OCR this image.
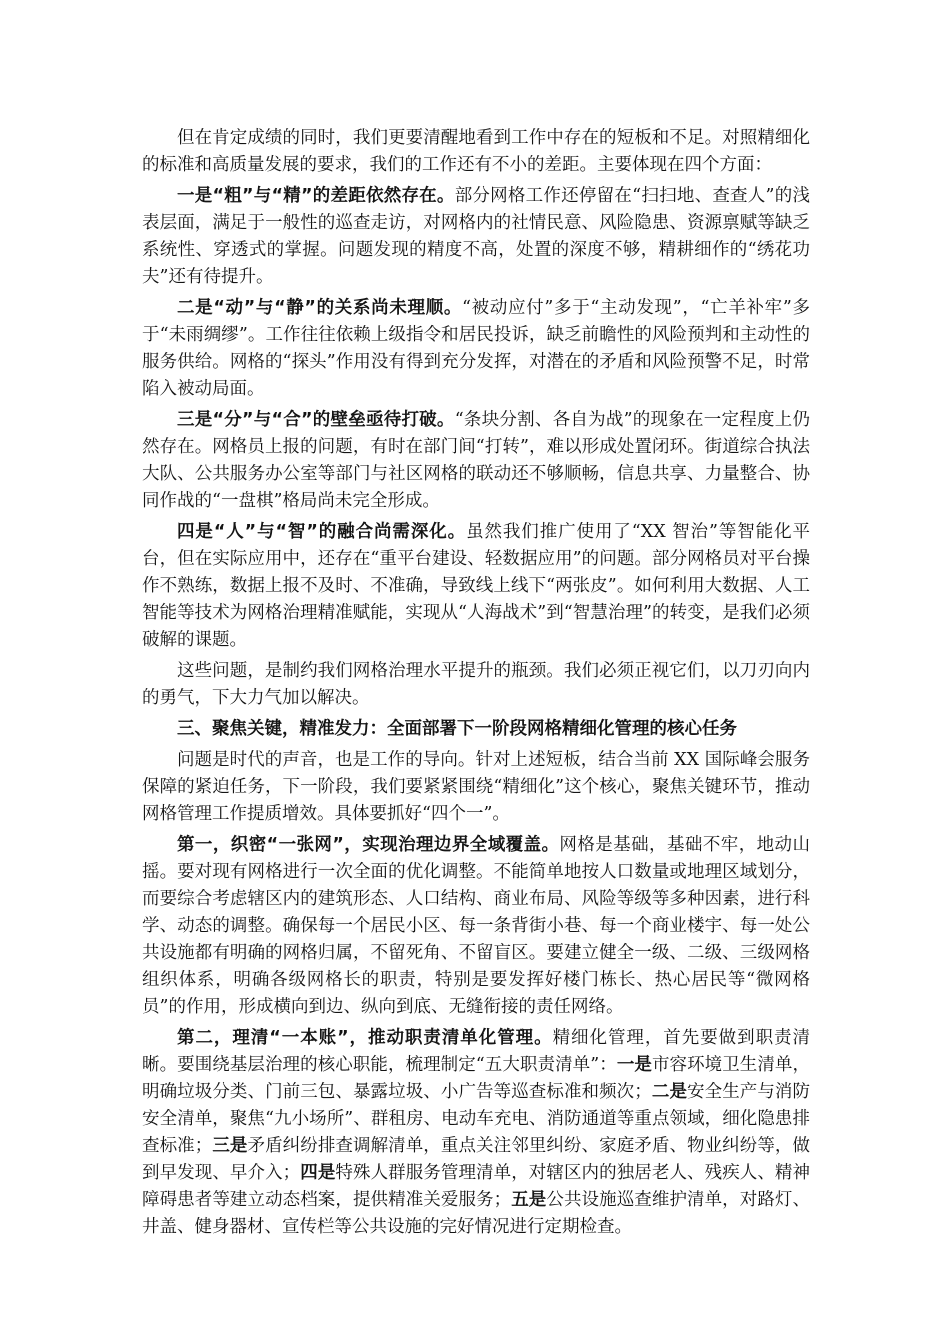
但在肯定成绩的同时，我们更要清醒地看到工作中存在的短板和不足。对照精细化的标准和高质量发展的要求，我们的工作还有不小的差距。主要体现在四个方面：

一是“粗”与“精”的差距依然存在。部分网格工作还停留在“扫扫地、查查人”的浅表层面，满足于一般性的巡查走访，对网格内的社情民意、风险隐患、资源禀赋等缺乏系统性、穿透式的掌握。问题发现的精度不高，处置的深度不够，精耕细作的“绣花功夫”还有待提升。

二是“动”与“静”的关系尚未理顺。“被动应付”多于“主动发现”，“亡羊补牢”多于“未雨绸缪”。工作往往依赖上级指令和居民投诉，缺乏前瞻性的风险预判和主动性的服务供给。网格的“探头”作用没有得到充分发挥，对潜在的矛盾和风险预警不足，时常陷入被动局面。

三是“分”与“合”的壁垒亟待打破。“条块分割、各自为战”的现象在一定程度上仍然存在。网格员上报的问题，有时在部门间“打转”，难以形成处置闭环。街道综合执法大队、公共服务办公室等部门与社区网格的联动还不够顺畅，信息共享、力量整合、协同作战的“一盘棋”格局尚未完全形成。

四是“人”与“智”的融合尚需深化。虽然我们推广使用了“XX 智治”等智能化平台，但在实际应用中，还存在“重平台建设、轻数据应用”的问题。部分网格员对平台操作不熟练，数据上报不及时、不准确，导致线上线下“两张皮”。如何利用大数据、人工智能等技术为网格治理精准赋能，实现从“人海战术”到“智慧治理”的转变，是我们必须破解的课题。

这些问题，是制约我们网格治理水平提升的瓶颈。我们必须正视它们，以刀刃向内的勇气，下大力气加以解决。

三、聚焦关键，精准发力：全面部署下一阶段网格精细化管理的核心任务

问题是时代的声音，也是工作的导向。针对上述短板，结合当前 XX 国际峰会服务保障的紧迫任务，下一阶段，我们要紧紧围绕“精细化”这个核心，聚焦关键环节，推动网格管理工作提质增效。具体要抓好“四个一”。

第一，织密“一张网”，实现治理边界全域覆盖。网格是基础，基础不牢，地动山摇。要对现有网格进行一次全面的优化调整。不能简单地按人口数量或地理区域划分，而要综合考虑辖区内的建筑形态、人口结构、商业布局、风险等级等多种因素，进行科学、动态的调整。确保每一个居民小区、每一条背街小巷、每一个商业楼宇、每一处公共设施都有明确的网格归属，不留死角、不留盲区。要建立健全一级、二级、三级网格组织体系，明确各级网格长的职责，特别是要发挥好楼门栋长、热心居民等“微网格员”的作用，形成横向到边、纵向到底、无缝衔接的责任网络。

第二，理清“一本账”，推动职责清单化管理。精细化管理，首先要做到职责清晰。要围绕基层治理的核心职能，梳理制定“五大职责清单”：一是市容环境卫生清单，明确垃圾分类、门前三包、暴露垃圾、小广告等巡查标准和频次；二是安全生产与消防安全清单，聚焦“九小场所”、群租房、电动车充电、消防通道等重点领域，细化隐患排查标准；三是矛盾纠纷排查调解清单，重点关注邻里纠纷、家庭矛盾、物业纠纷等，做到早发现、早介入；四是特殊人群服务管理清单，对辖区内的独居老人、残疾人、精神障碍患者等建立动态档案，提供精准关爱服务；五是公共设施巡查维护清单，对路灯、井盖、健身器材、宣传栏等公共设施的完好情况进行定期检查。
